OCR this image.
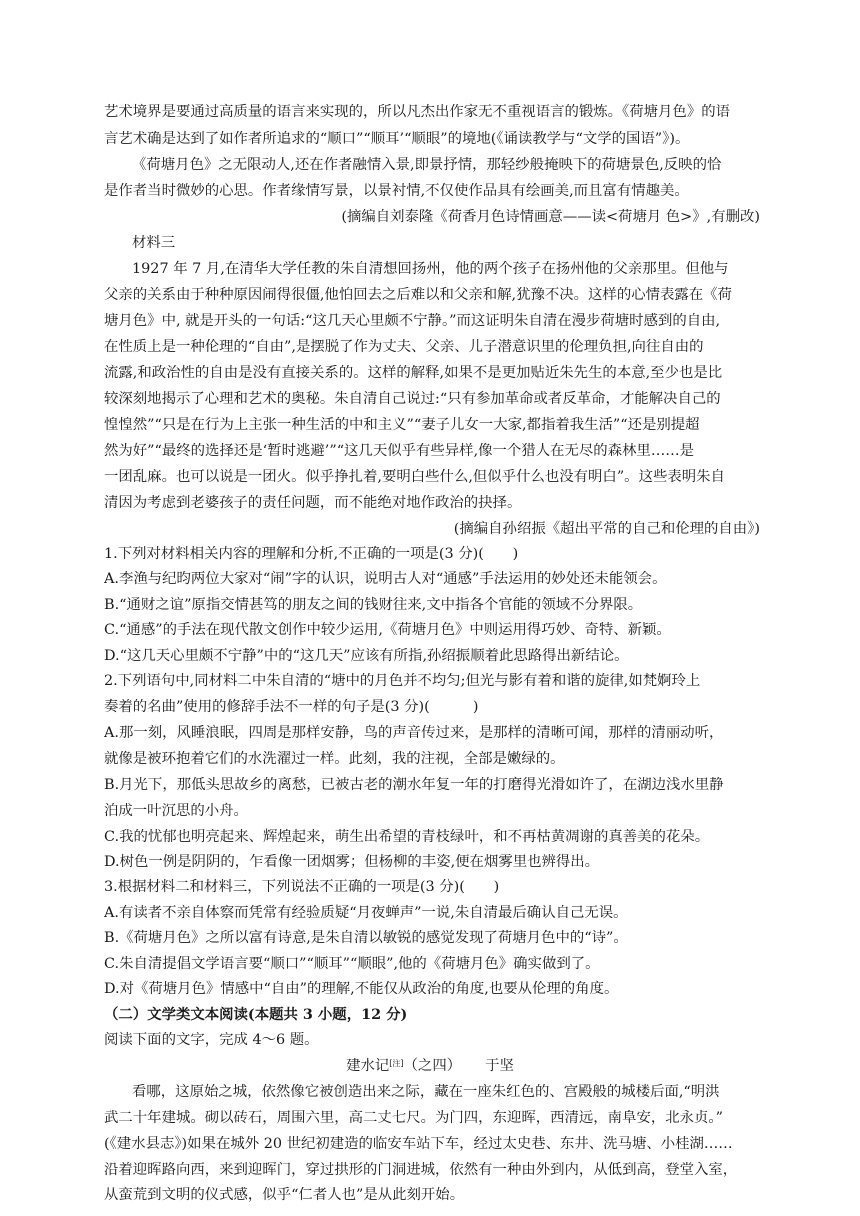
艺术境界是要通过高质量的语言来实现的，所以凡杰出作家无不重视语言的锻炼。《荷塘月色》的语
言艺术确是达到了如作者所追求的“顺口”“顺耳’“顺眼”的境地(《诵读教学与“文学的国语”》)。
《荷塘月色》之无限动人,还在作者融情入景,即景抒情，那轻纱般掩映下的荷塘景色,反映的恰
是作者当时微妙的心思。作者缘情写景，以景衬情,不仅使作品具有绘画美,而且富有情趣美。
(摘编自刘泰隆《荷香月色诗情画意——读<荷塘月 色>》,有删改)
材料三
1927 年 7 月,在清华大学任教的朱自清想回扬州，他的两个孩子在扬州他的父亲那里。但他与
父亲的关系由于种种原因闹得很僵,他怕回去之后难以和父亲和解,犹豫不决。这样的心情表露在《荷
塘月色》中, 就是开头的一句话:“这几天心里颇不宁静。”而这证明朱自清在漫步荷塘时感到的自由,
在性质上是一种伦理的“自由”,是摆脱了作为丈夫、父亲、儿子潜意识里的伦理负担,向往自由的
流露,和政治性的自由是没有直接关系的。这样的解释,如果不是更加贴近朱先生的本意,至少也是比
较深刻地揭示了心理和艺术的奥秘。朱自清自己说过:“只有参加革命或者反革命，才能解决自己的
惶惶然”“只是在行为上主张一种生活的中和主义”“妻子儿女一大家,都指着我生活”“还是别提超
然为好”“最终的选择还是‘暂时逃避’”“这几天似乎有些异样,像一个猎人在无尽的森林里……是
一团乱麻。也可以说是一团火。似乎挣扎着,要明白些什么,但似乎什么也没有明白”。这些表明朱自
清因为考虑到老婆孩子的责任问题，而不能绝对地作政治的抉择。
(摘编自孙绍振《超出平常的自己和伦理的自由》)
1.下列对材料相关内容的理解和分析,不正确的一项是(3 分)(　　)
A.李渔与纪昀两位大家对“闹”字的认识，说明古人对“通感”手法运用的妙处还未能领会。
B.“通财之谊”原指交情甚笃的朋友之间的钱财往来,文中指各个官能的领域不分界限。
C.“通感”的手法在现代散文创作中较少运用,《荷塘月色》中则运用得巧妙、奇特、新颖。
D.“这几天心里颇不宁静”中的“这几天”应该有所指,孙绍振顺着此思路得出新结论。
2.下列语句中,同材料二中朱自清的“塘中的月色并不均匀;但光与影有着和谐的旋律,如梵婀玲上
奏着的名曲”使用的修辞手法不一样的句子是(3 分)(　　　)
A.那一刻，风睡浪眠，四周是那样安静，鸟的声音传过来，是那样的清晰可闻，那样的清丽动听，
就像是被环抱着它们的水洗濯过一样。此刻，我的注视，全部是嫩绿的。
B.月光下，那低头思故乡的离愁，已被古老的潮水年复一年的打磨得光滑如许了，在湖边浅水里静
泊成一叶沉思的小舟。
C.我的忧郁也明亮起来、辉煌起来，萌生出希望的青枝绿叶，和不再枯黄凋谢的真善美的花朵。
D.树色一例是阴阴的，乍看像一团烟雾；但杨柳的丰姿,便在烟雾里也辨得出。
3.根据材料二和材料三，下列说法不正确的一项是(3 分)(　　)
A.有读者不亲自体察而凭常有经验质疑“月夜蝉声”一说,朱自清最后确认自己无误。
B.《荷塘月色》之所以富有诗意,是朱自清以敏锐的感觉发现了荷塘月色中的“诗”。
C.朱自清提倡文学语言要“顺口”“顺耳”“顺眼”,他的《荷塘月色》确实做到了。
D.对《荷塘月色》情感中“自由”的理解,不能仅从政治的角度,也要从伦理的角度。
（二）文学类文本阅读(本题共 3 小题，12 分)
阅读下面的文字，完成 4～6 题。
建水记[注]（之四） 于坚
看哪，这原始之城，依然像它被创造出来之际，藏在一座朱红色的、宫殿般的城楼后面,“明洪
武二十年建城。砌以砖石，周围六里，高二丈七尺。为门四，东迎晖，西清远，南阜安，北永贞。”
(《建水县志》)如果在城外 20 世纪初建造的临安车站下车，经过太史巷、东井、洗马塘、小桂湖……
沿着迎晖路向西，来到迎晖门，穿过拱形的门洞进城，依然有一种由外到内，从低到高，登堂入室，
从蛮荒到文明的仪式感，似乎“仁者人也”是从此刻开始。
